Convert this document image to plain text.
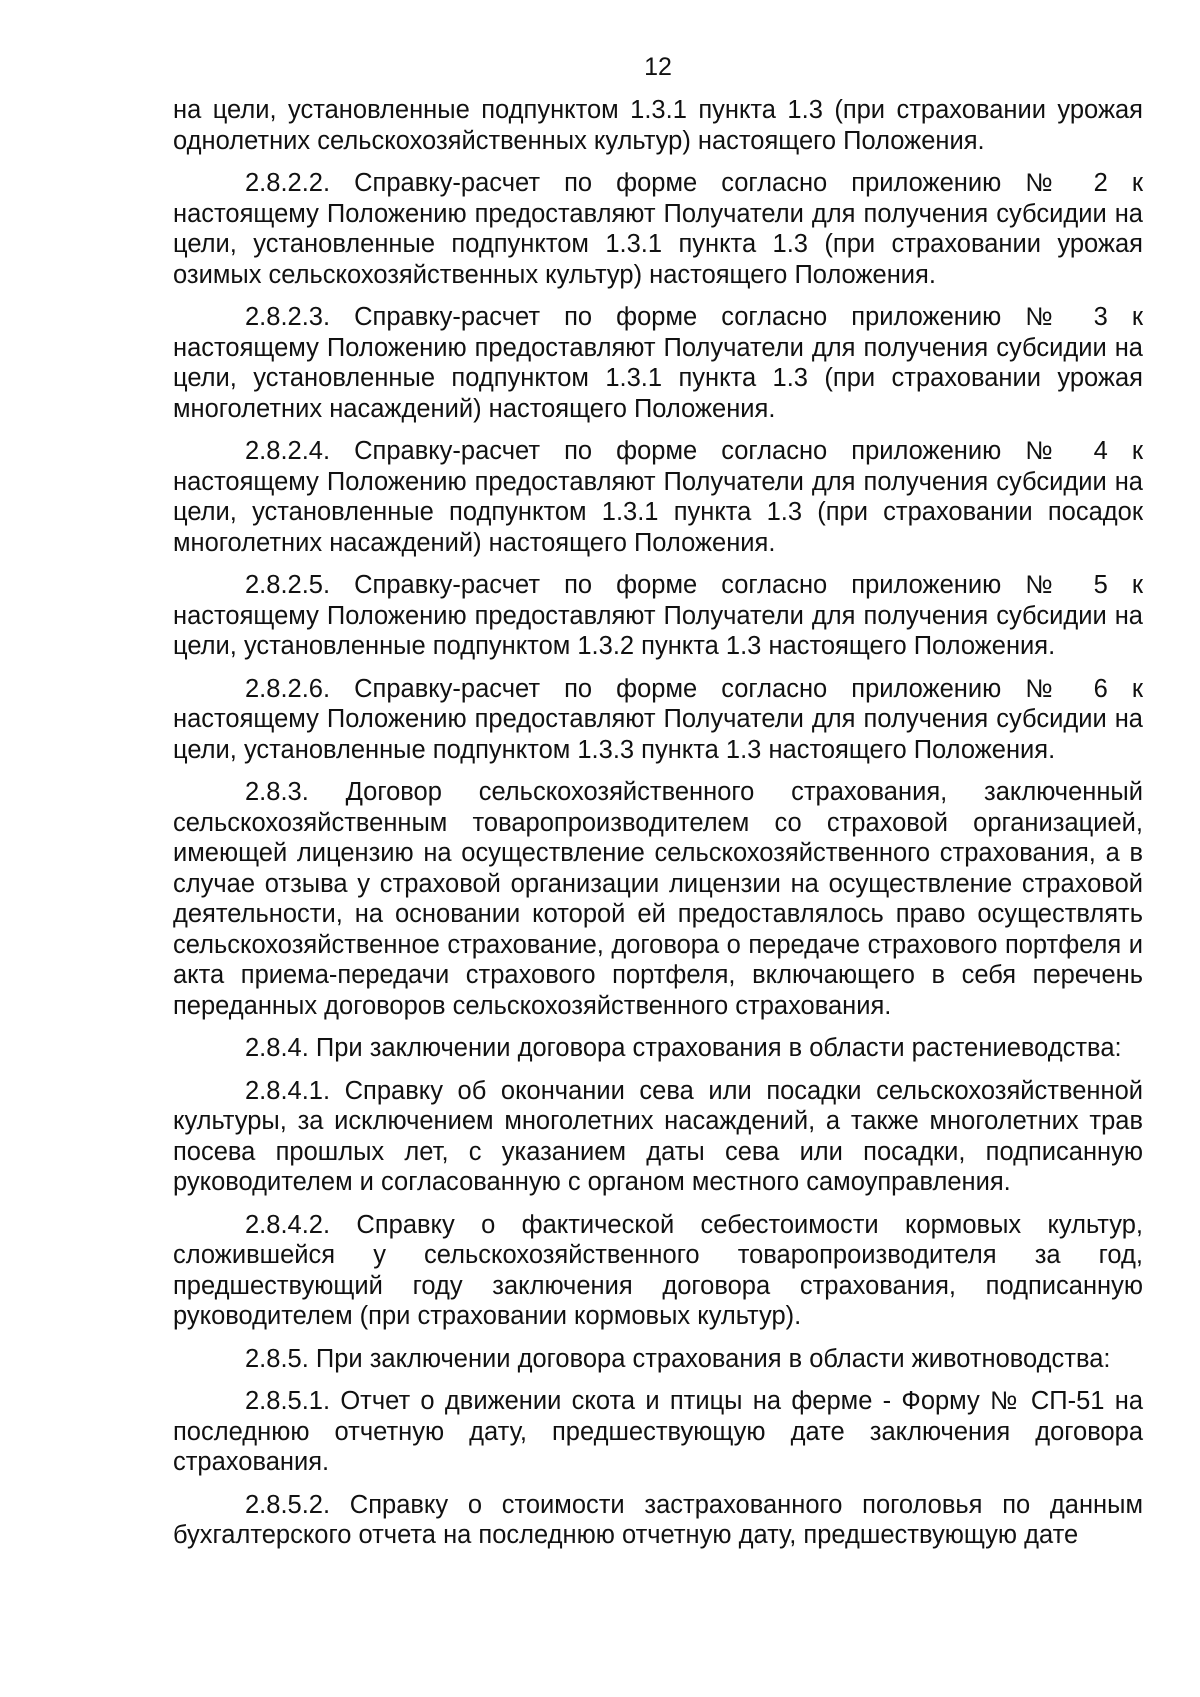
12

на цели, установленные подпунктом 1.3.1 пункта 1.3 (при страховании урожая однолетних сельскохозяйственных культур) настоящего Положения.

2.8.2.2. Справку-расчет по форме согласно приложению № 2 к настоящему Положению предоставляют Получатели для получения субсидии на цели, установленные подпунктом 1.3.1 пункта 1.3 (при страховании урожая озимых сельскохозяйственных культур) настоящего Положения.

2.8.2.3. Справку-расчет по форме согласно приложению № 3 к настоящему Положению предоставляют Получатели для получения субсидии на цели, установленные подпунктом 1.3.1 пункта 1.3 (при страховании урожая многолетних насаждений) настоящего Положения.

2.8.2.4. Справку-расчет по форме согласно приложению № 4 к настоящему Положению предоставляют Получатели для получения субсидии на цели, установленные подпунктом 1.3.1 пункта 1.3 (при страховании посадок многолетних насаждений) настоящего Положения.

2.8.2.5. Справку-расчет по форме согласно приложению № 5 к настоящему Положению предоставляют Получатели для получения субсидии на цели, установленные подпунктом 1.3.2 пункта 1.3 настоящего Положения.

2.8.2.6. Справку-расчет по форме согласно приложению № 6 к настоящему Положению предоставляют Получатели для получения субсидии на цели, установленные подпунктом 1.3.3 пункта 1.3 настоящего Положения.

2.8.3. Договор сельскохозяйственного страхования, заключенный сельскохозяйственным товаропроизводителем со страховой организацией, имеющей лицензию на осуществление сельскохозяйственного страхования, а в случае отзыва у страховой организации лицензии на осуществление страховой деятельности, на основании которой ей предоставлялось право осуществлять сельскохозяйственное страхование, договора о передаче страхового портфеля и акта приема-передачи страхового портфеля, включающего в себя перечень переданных договоров сельскохозяйственного страхования.

2.8.4. При заключении договора страхования в области растениеводства:

2.8.4.1. Справку об окончании сева или посадки сельскохозяйственной культуры, за исключением многолетних насаждений, а также многолетних трав посева прошлых лет, с указанием даты сева или посадки, подписанную руководителем и согласованную с органом местного самоуправления.

2.8.4.2. Справку о фактической себестоимости кормовых культур, сложившейся у сельскохозяйственного товаропроизводителя за год, предшествующий году заключения договора страхования, подписанную руководителем (при страховании кормовых культур).

2.8.5. При заключении договора страхования в области животноводства:

2.8.5.1. Отчет о движении скота и птицы на ферме - Форму № СП-51 на последнюю отчетную дату, предшествующую дате заключения договора страхования.

2.8.5.2. Справку о стоимости застрахованного поголовья по данным бухгалтерского отчета на последнюю отчетную дату, предшествующую дате
